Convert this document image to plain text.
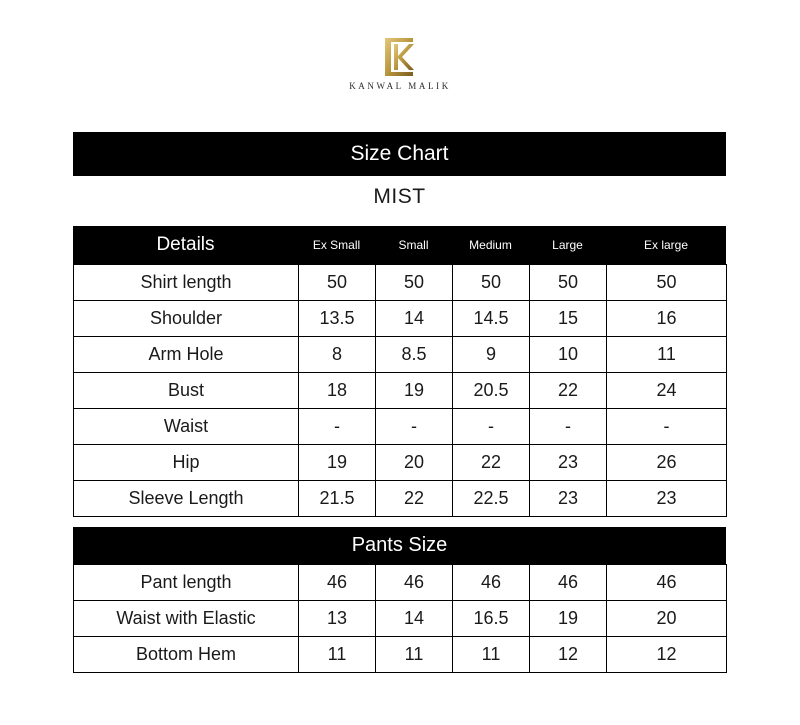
KANWAL MALIK
Size Chart
MIST
Details	Ex Small	Small	Medium	Large	Ex large
Shirt length	50	50	50	50	50
Shoulder	13.5	14	14.5	15	16
Arm Hole	8	8.5	9	10	11
Bust	18	19	20.5	22	24
Waist	-	-	-	-	-
Hip	19	20	22	23	26
Sleeve Length	21.5	22	22.5	23	23
Pants Size
Pant length	46	46	46	46	46
Waist with Elastic	13	14	16.5	19	20
Bottom Hem	11	11	11	12	12
